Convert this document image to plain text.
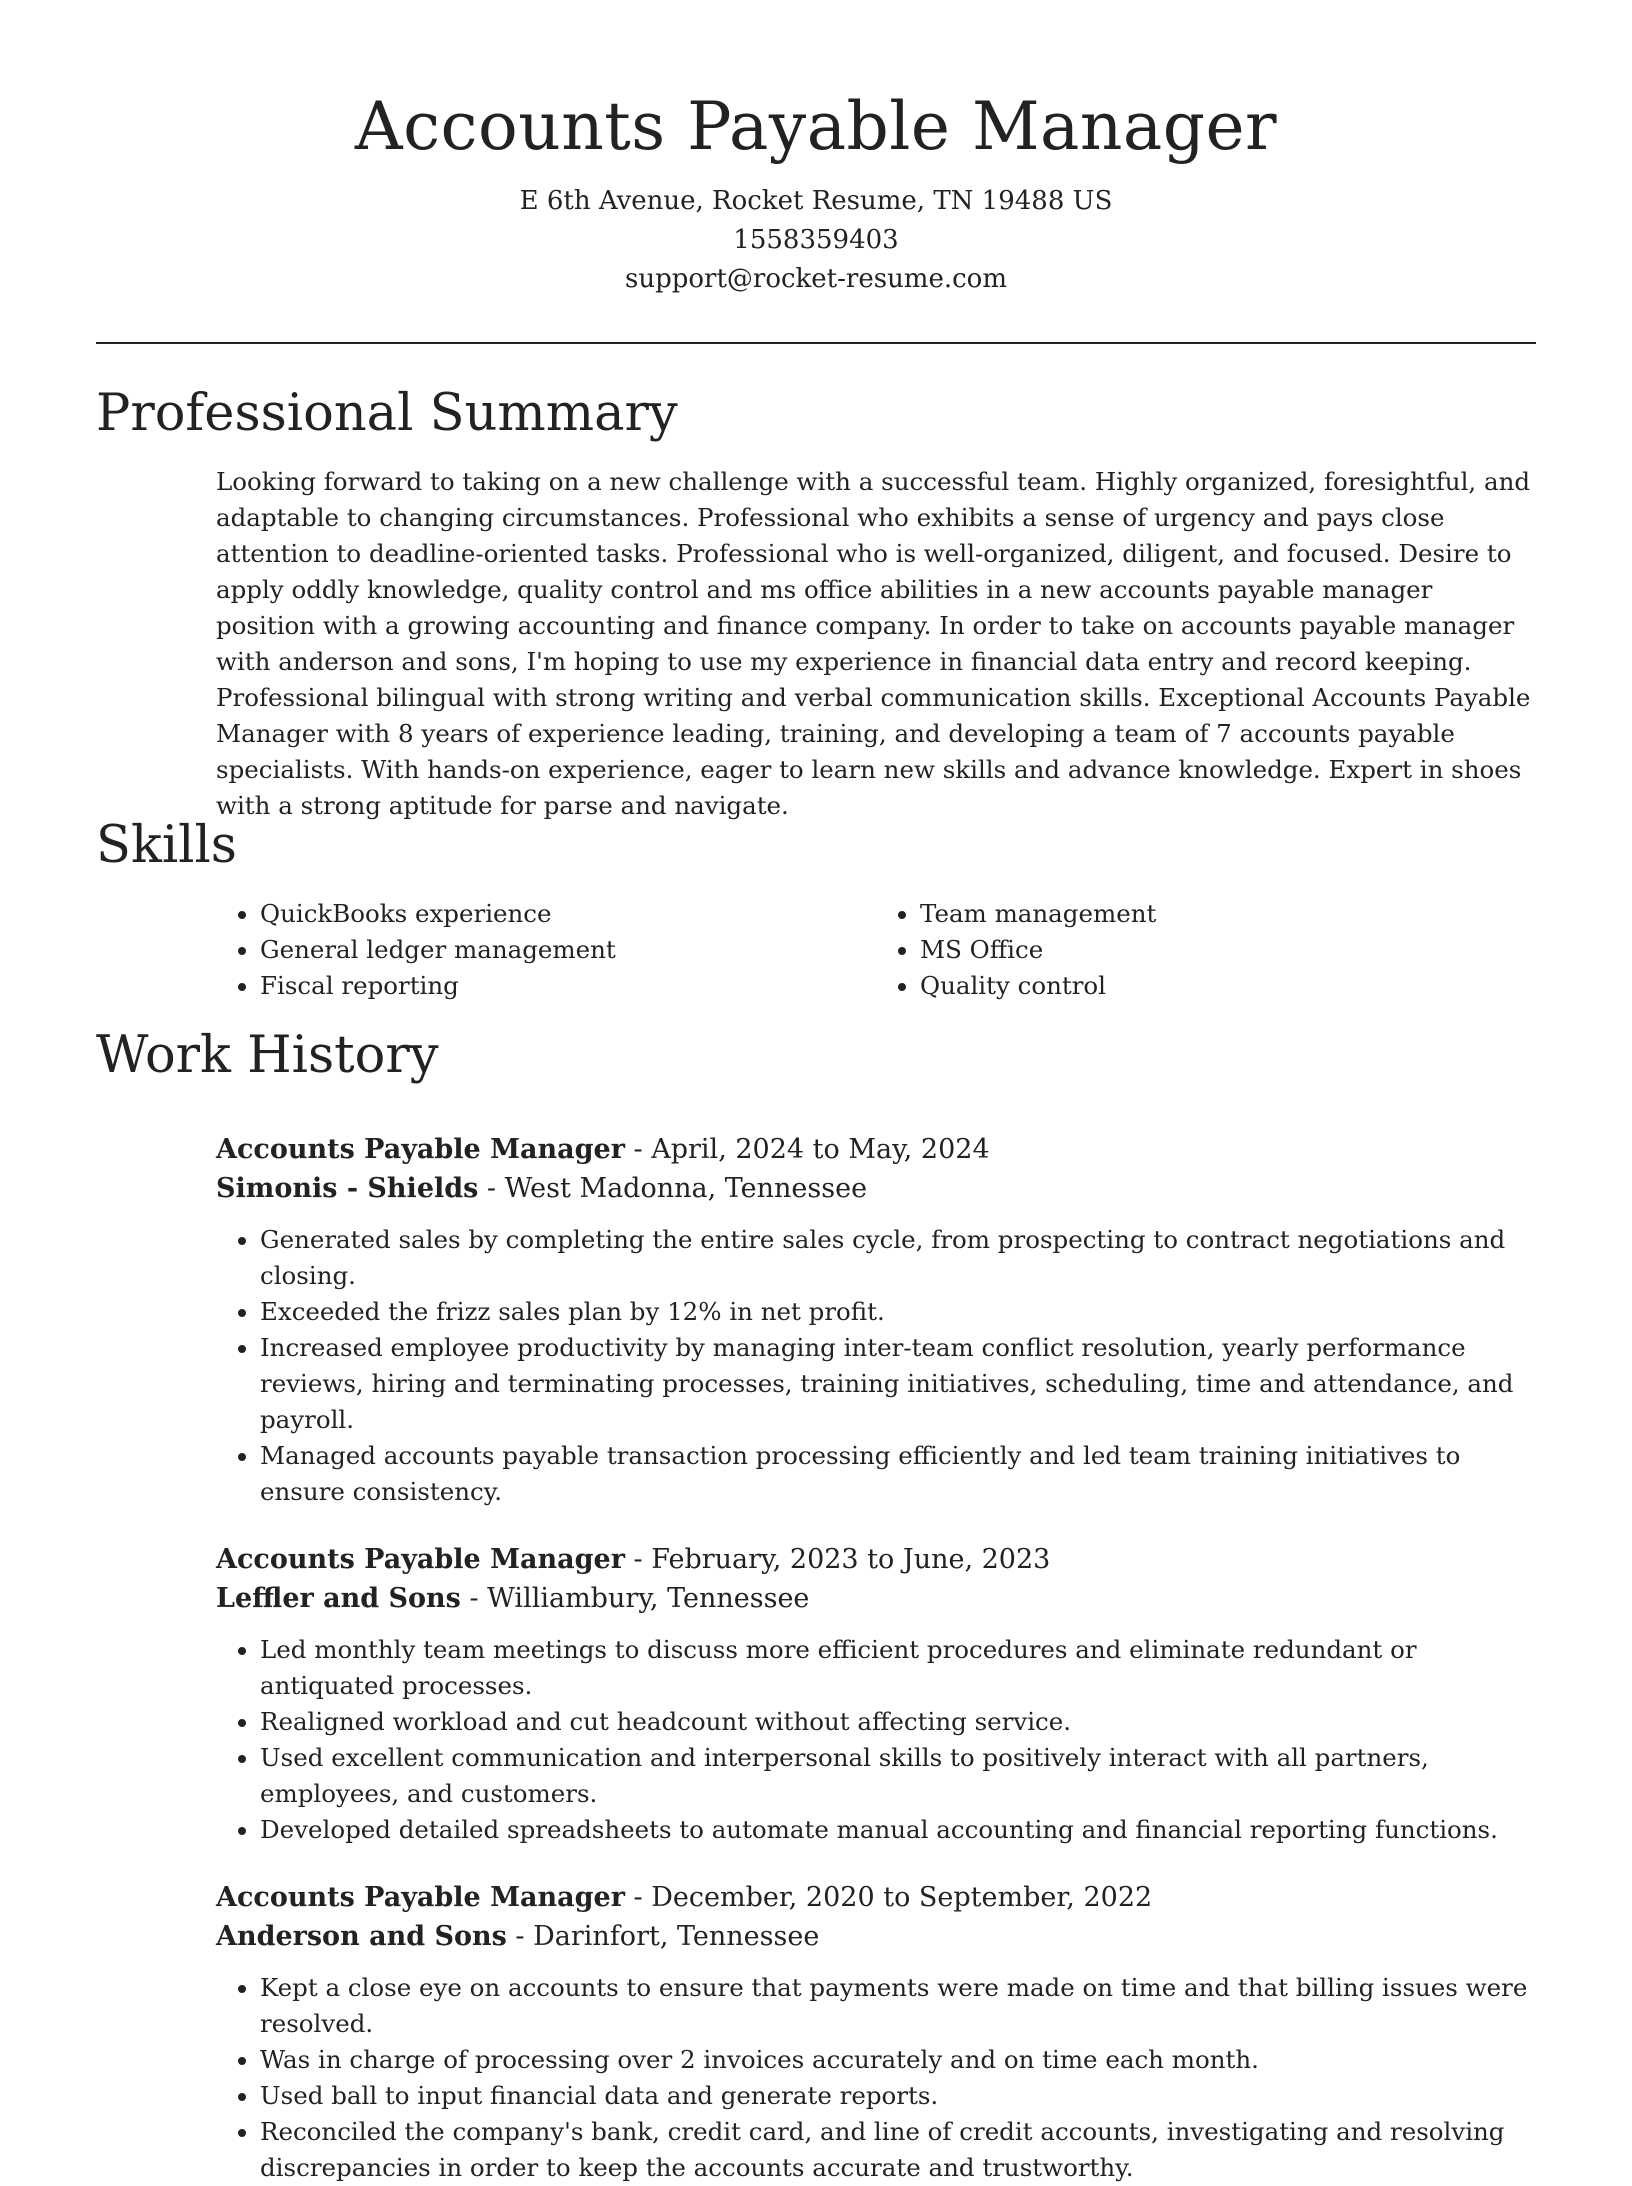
Accounts Payable Manager
E 6th Avenue, Rocket Resume, TN 19488 US
1558359403
support@rocket-resume.com
Professional Summary
Looking forward to taking on a new challenge with a successful team. Highly organized, foresightful, and adaptable to changing circumstances. Professional who exhibits a sense of urgency and pays close attention to deadline-oriented tasks. Professional who is well-organized, diligent, and focused. Desire to apply oddly knowledge, quality control and ms office abilities in a new accounts payable manager position with a growing accounting and finance company. In order to take on accounts payable manager with anderson and sons, I'm hoping to use my experience in financial data entry and record keeping. Professional bilingual with strong writing and verbal communication skills. Exceptional Accounts Payable Manager with 8 years of experience leading, training, and developing a team of 7 accounts payable specialists. With hands-on experience, eager to learn new skills and advance knowledge. Expert in shoes with a strong aptitude for parse and navigate.
Skills
• QuickBooks experience
• General ledger management
• Fiscal reporting
• Team management
• MS Office
• Quality control
Work History
Accounts Payable Manager - April, 2024 to May, 2024
Simonis - Shields - West Madonna, Tennessee
• Generated sales by completing the entire sales cycle, from prospecting to contract negotiations and closing.
• Exceeded the frizz sales plan by 12% in net profit.
• Increased employee productivity by managing inter-team conflict resolution, yearly performance reviews, hiring and terminating processes, training initiatives, scheduling, time and attendance, and payroll.
• Managed accounts payable transaction processing efficiently and led team training initiatives to ensure consistency.
Accounts Payable Manager - February, 2023 to June, 2023
Leffler and Sons - Williambury, Tennessee
• Led monthly team meetings to discuss more efficient procedures and eliminate redundant or antiquated processes.
• Realigned workload and cut headcount without affecting service.
• Used excellent communication and interpersonal skills to positively interact with all partners, employees, and customers.
• Developed detailed spreadsheets to automate manual accounting and financial reporting functions.
Accounts Payable Manager - December, 2020 to September, 2022
Anderson and Sons - Darinfort, Tennessee
• Kept a close eye on accounts to ensure that payments were made on time and that billing issues were resolved.
• Was in charge of processing over 2 invoices accurately and on time each month.
• Used ball to input financial data and generate reports.
• Reconciled the company's bank, credit card, and line of credit accounts, investigating and resolving discrepancies in order to keep the accounts accurate and trustworthy.
